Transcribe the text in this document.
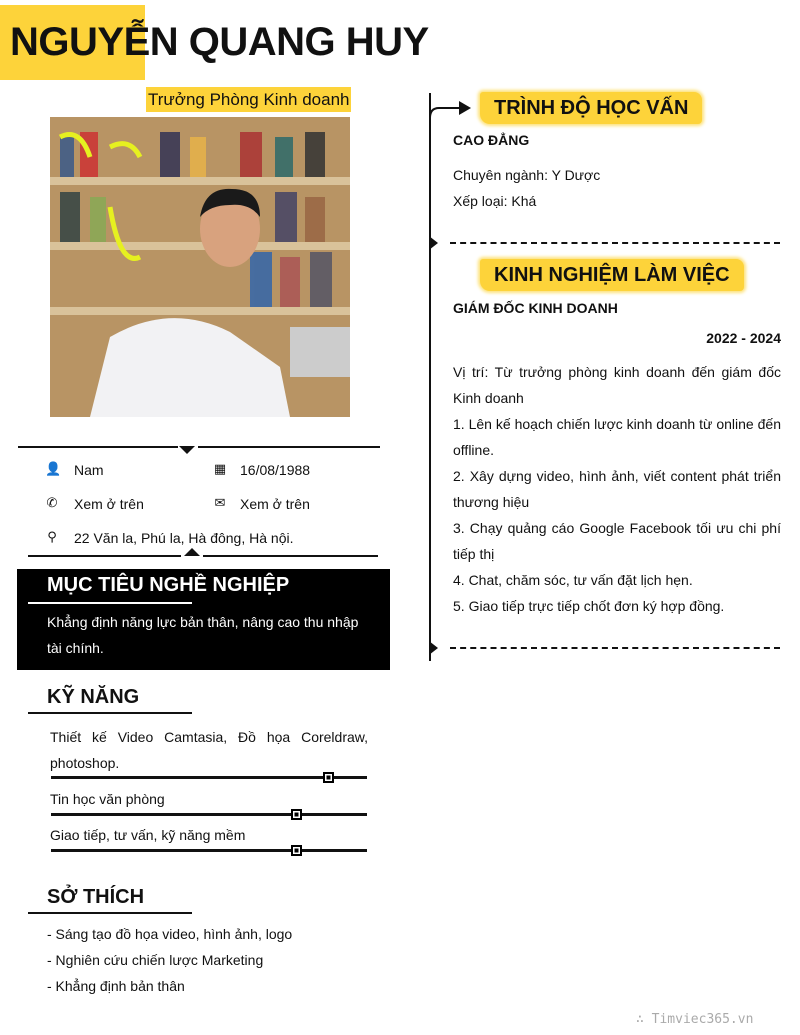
NGUYỄN QUANG HUY
Trưởng Phòng Kinh doanh
👤 Nam	▦ 16/08/1988
✆ Xem ở trên	✉ Xem ở trên
⚲ 22 Văn la, Phú la, Hà đông, Hà nội.
MỤC TIÊU NGHỀ NGHIỆP
Khẳng định năng lực bản thân, nâng cao thu nhập tài chính.
KỸ NĂNG
Thiết kế Video Camtasia, Đồ họa Coreldraw, photoshop.
Tin học văn phòng
Giao tiếp, tư vấn, kỹ năng mềm
SỞ THÍCH
- Sáng tạo đồ họa video, hình ảnh, logo
- Nghiên cứu chiến lược Marketing
- Khẳng định bản thân
TRÌNH ĐỘ HỌC VẤN
CAO ĐẲNG
Chuyên ngành: Y Dược
Xếp loại: Khá
KINH NGHIỆM LÀM VIỆC
GIÁM ĐỐC KINH DOANH
2022 - 2024
Vị trí: Từ trưởng phòng kinh doanh đến giám đốc Kinh doanh
1. Lên kế hoạch chiến lược kinh doanh từ online đến offline.
2. Xây dựng video, hình ảnh, viết content phát triển thương hiệu
3. Chạy quảng cáo Google Facebook tối ưu chi phí tiếp thị
4. Chat, chăm sóc, tư vấn đặt lịch hẹn.
5. Giao tiếp trực tiếp chốt đơn ký hợp đồng.
∴ Timviec365.vn
